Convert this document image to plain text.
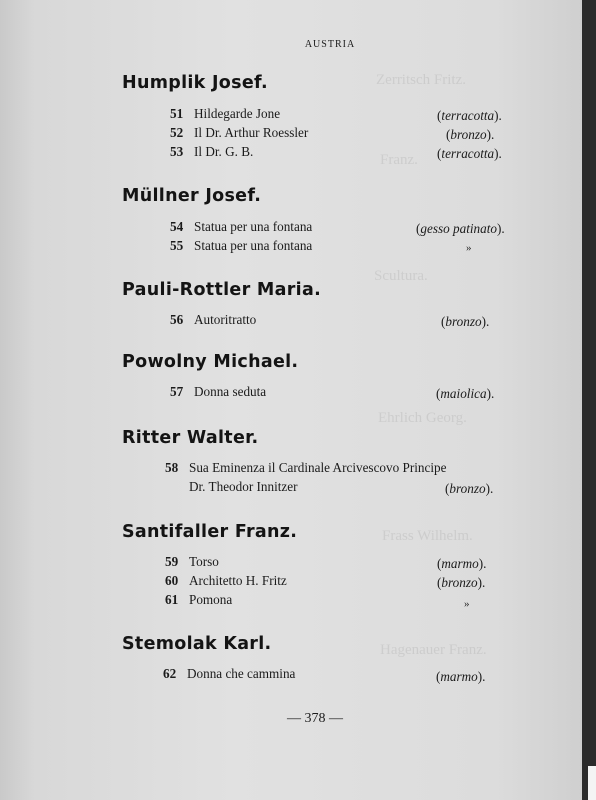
Zerritsch Fritz.
Franz.
Scultura.
Ehrlich Georg.
Frass Wilhelm.
Hagenauer Franz.
AUSTRIA
Humplik Josef.
51 Hildegarde Jone	(terracotta).
52 Il Dr. Arthur Roessler	(bronzo).
53 Il Dr. G. B.	(terracotta).
Müllner Josef.
54 Statua per una fontana	(gesso patinato).
55 Statua per una fontana	»
Pauli-Rottler Maria.
56 Autoritratto	(bronzo).
Powolny Michael.
57 Donna seduta	(maiolica).
Ritter Walter.
58 Sua Eminenza il Cardinale Arcivescovo Principe
Dr. Theodor Innitzer	(bronzo).
Santifaller Franz.
59 Torso	(marmo).
60 Architetto H. Fritz	(bronzo).
61 Pomona	»
Stemolak Karl.
62 Donna che cammina	(marmo).
— 378 —
